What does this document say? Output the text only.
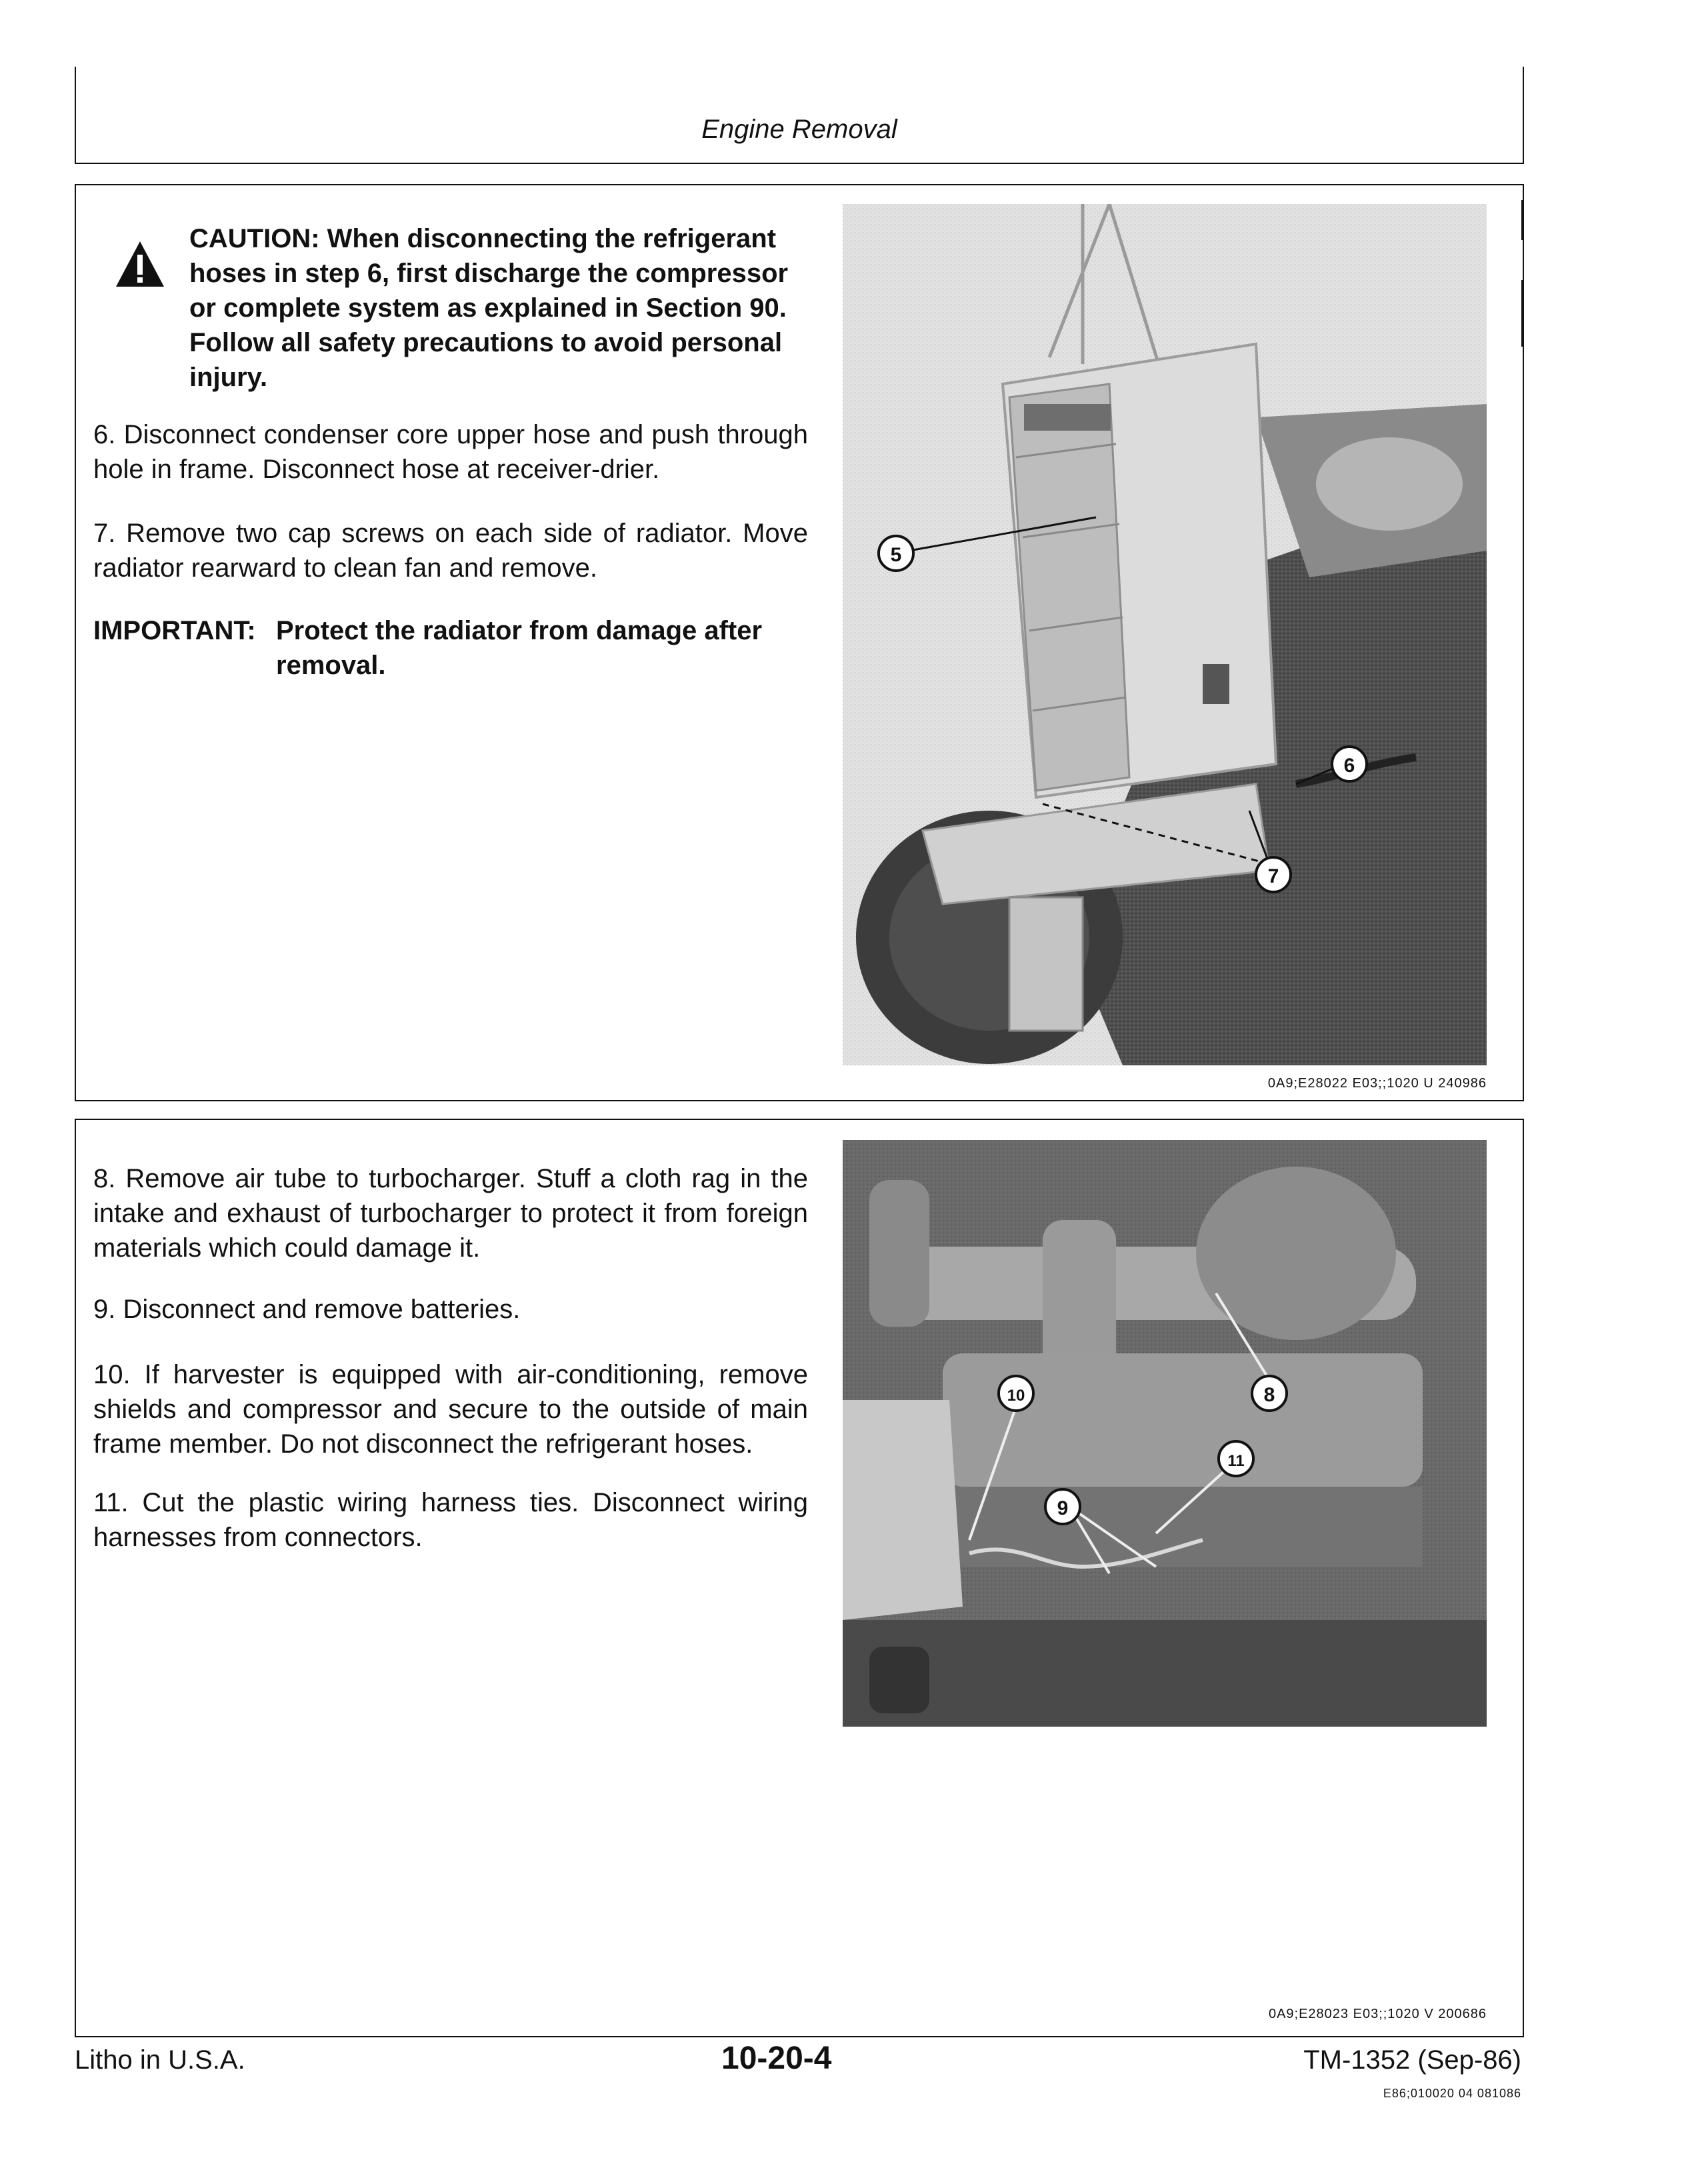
Engine Removal
CAUTION: When disconnecting the refrigerant hoses in step 6, first discharge the compressor or complete system as explained in Section 90. Follow all safety precautions to avoid personal injury.
6. Disconnect condenser core upper hose and push through hole in frame. Disconnect hose at receiver-drier.
7. Remove two cap screws on each side of radiator. Move radiator rearward to clean fan and remove.
IMPORTANT: Protect the radiator from damage after removal.
5
6
7
0A9;E28022 E03;;1020 U 240986
8. Remove air tube to turbocharger. Stuff a cloth rag in the intake and exhaust of turbocharger to protect it from foreign materials which could damage it.
9. Disconnect and remove batteries.
10. If harvester is equipped with air-conditioning, remove shields and compressor and secure to the outside of main frame member. Do not disconnect the refrigerant hoses.
11. Cut the plastic wiring harness ties. Disconnect wiring harnesses from connectors.
8
10
9
11
0A9;E28023 E03;;1020 V 200686
Litho in U.S.A.	10-20-4	TM-1352 (Sep-86)
E86;010020 04 081086
